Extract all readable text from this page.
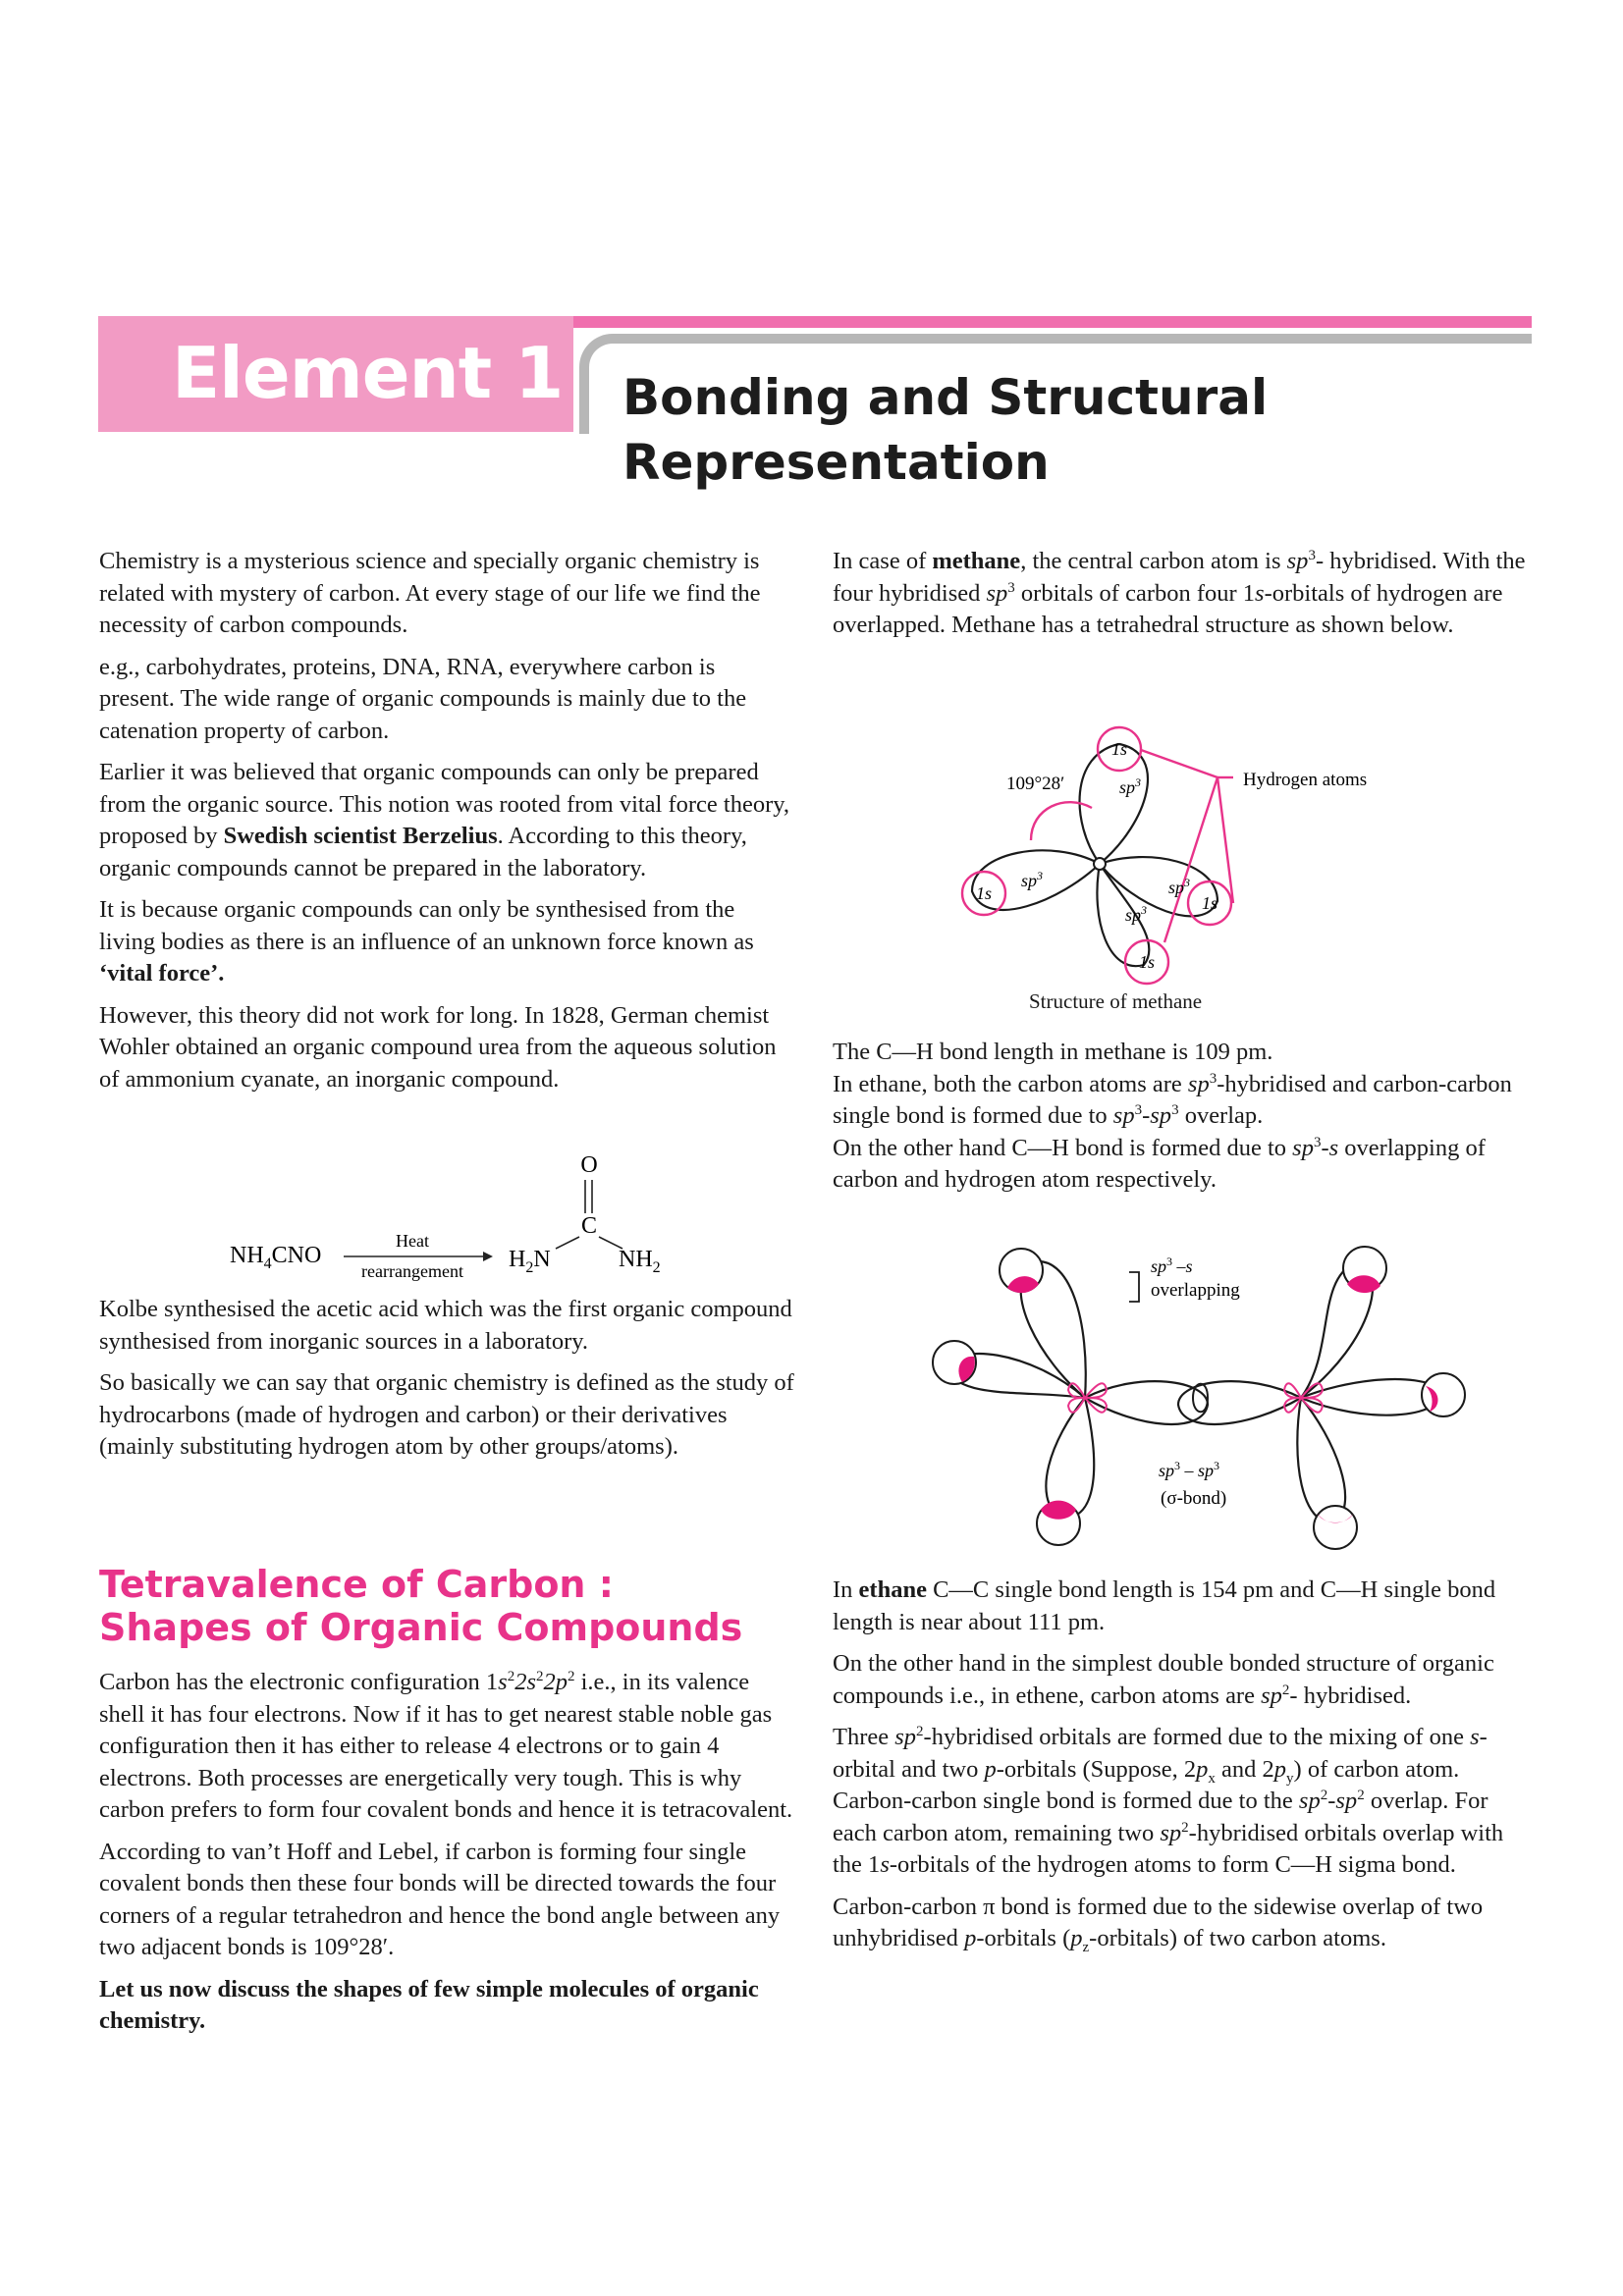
Element 1 Bonding and Structural
Representation

Chemistry is a mysterious science and specially organic chemistry is related with mystery of carbon. At every stage of our life we find the necessity of carbon compounds.

e.g., carbohydrates, proteins, DNA, RNA, everywhere carbon is present. The wide range of organic compounds is mainly due to the catenation property of carbon.

Earlier it was believed that organic compounds can only be prepared from the organic source. This notion was rooted from vital force theory, proposed by Swedish scientist Berzelius. According to this theory, organic compounds cannot be prepared in the laboratory.

It is because organic compounds can only be synthesised from the living bodies as there is an influence of an unknown force known as ‘vital force’.

However, this theory did not work for long. In 1828, German chemist Wohler obtained an organic compound urea from the aqueous solution of ammonium cyanate, an inorganic compound.

$NH_4CNO$
Heat
rearrangement
O
C
$H_2N$	$NH_2$

Kolbe synthesised the acetic acid which was the first organic compound synthesised from inorganic sources in a laboratory.

So basically we can say that organic chemistry is defined as the study of hydrocarbons (made of hydrogen and carbon) or their derivatives (mainly substituting hydrogen atom by other groups/atoms).

Tetravalence of Carbon :
Shapes of Organic Compounds

Carbon has the electronic configuration $1s^22s^22p^2$ i.e., in its valence shell it has four electrons. Now if it has to get nearest stable noble gas configuration then it has either to release 4 electrons or to gain 4 electrons. Both processes are energetically very tough. This is why carbon prefers to form four covalent bonds and hence it is tetracovalent.

According to van’t Hoff and Lebel, if carbon is forming four single covalent bonds then these four bonds will be directed towards the four corners of a regular tetrahedron and hence the bond angle between any two adjacent bonds is 109°28′.

Let us now discuss the shapes of few simple molecules of organic chemistry.

In case of methane, the central carbon atom is $sp^3-$ hybridised. With the four hybridised $sp^3$ orbitals of carbon four 1s-orbitals of hydrogen are overlapped. Methane has a tetrahedral structure as shown below.

1s
1s	1s
1s
$sp^3$
$sp^3$
$sp^3$
$sp^3$
109°28′	Hydrogen atoms
Structure of methane

The C—H bond length in methane is 109 pm.

In ethane, both the carbon atoms are $sp^3$-hybridised and carbon-carbon single bond is formed due to $sp^3-sp^3$ overlap.

On the other hand C—H bond is formed due to $sp^3-s$ overlapping of carbon and hydrogen atom respectively.

$sp^3$ –s
overlapping
$sp^3 - sp^3$
(σ-bond)

In ethane C—C single bond length is 154 pm and C—H single bond length is near about 111 pm.

On the other hand in the simplest double bonded structure of organic compounds i.e., in ethene, carbon atoms are $sp^2-$ hybridised.

Three $sp^2$-hybridised orbitals are formed due to the mixing of one s-orbital and two p-orbitals (Suppose, $2p_x$ and $2p_y$) of carbon atom. Carbon-carbon single bond is formed due to the $sp^2-sp^2$ overlap. For each carbon atom, remaining two $sp^2$-hybridised orbitals overlap with the 1s-orbitals of the hydrogen atoms to form C—H sigma bond.

Carbon-carbon π bond is formed due to the sidewise overlap of two unhybridised p-orbitals $(p_z-orbitals)$ of two carbon atoms.
